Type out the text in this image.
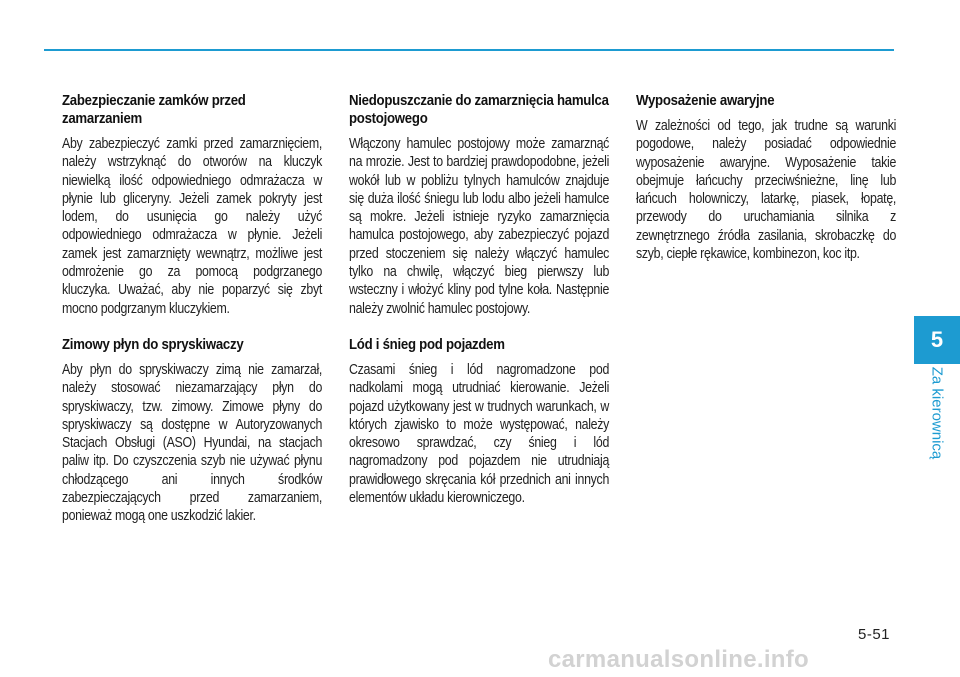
Zabezpieczanie zamków przed zamarzaniem

Aby zabezpieczyć zamki przed zamarznięciem, należy wstrzyknąć do otworów na kluczyk niewielką ilość odpowiedniego odmrażacza w płynie lub gliceryny. Jeżeli zamek pokryty jest lodem, do usunięcia go należy użyć odpowiedniego odmrażacza w płynie. Jeżeli zamek jest zamarznięty wewnątrz, możliwe jest odmrożenie go za pomocą podgrzanego kluczyka. Uważać, aby nie poparzyć się zbyt mocno podgrzanym kluczykiem.

Zimowy płyn do spryskiwaczy

Aby płyn do spryskiwaczy zimą nie zamarzał, należy stosować niezamarzający płyn do spryskiwaczy, tzw. zimowy. Zimowe płyny do spryskiwaczy są dostępne w Autoryzowanych Stacjach Obsługi (ASO) Hyundai, na stacjach paliw itp. Do czyszczenia szyb nie używać płynu chłodzącego ani innych środków zabezpieczających przed zamarzaniem, ponieważ mogą one uszkodzić lakier.

Niedopuszczanie do zamarznięcia hamulca postojowego

Włączony hamulec postojowy może zamarznąć na mrozie. Jest to bardziej prawdopodobne, jeżeli wokół lub w pobliżu tylnych hamulców znajduje się duża ilość śniegu lub lodu albo jeżeli hamulce są mokre. Jeżeli istnieje ryzyko zamarznięcia hamulca postojowego, aby zabezpieczyć pojazd przed stoczeniem się należy włączyć hamulec tylko na chwilę, włączyć bieg pierwszy lub wsteczny i włożyć kliny pod tylne koła. Następnie należy zwolnić hamulec postojowy.

Lód i śnieg pod pojazdem

Czasami śnieg i lód nagromadzone pod nadkolami mogą utrudniać kierowanie. Jeżeli pojazd użytkowany jest w trudnych warunkach, w których zjawisko to może występować, należy okresowo sprawdzać, czy śnieg i lód nagromadzony pod pojazdem nie utrudniają prawidłowego skręcania kół przednich ani innych elementów układu kierowniczego.

Wyposażenie awaryjne

W zależności od tego, jak trudne są warunki pogodowe, należy posiadać odpowiednie wyposażenie awaryjne. Wyposażenie takie obejmuje łańcuchy przeciwśnieżne, linę lub łańcuch holowniczy, latarkę, piasek, łopatę, przewody do uruchamiania silnika z zewnętrznego źródła zasilania, skrobaczkę do szyb, ciepłe rękawice, kombinezon, koc itp.

5
Za kierownicą
5-51
carmanualsonline.info
